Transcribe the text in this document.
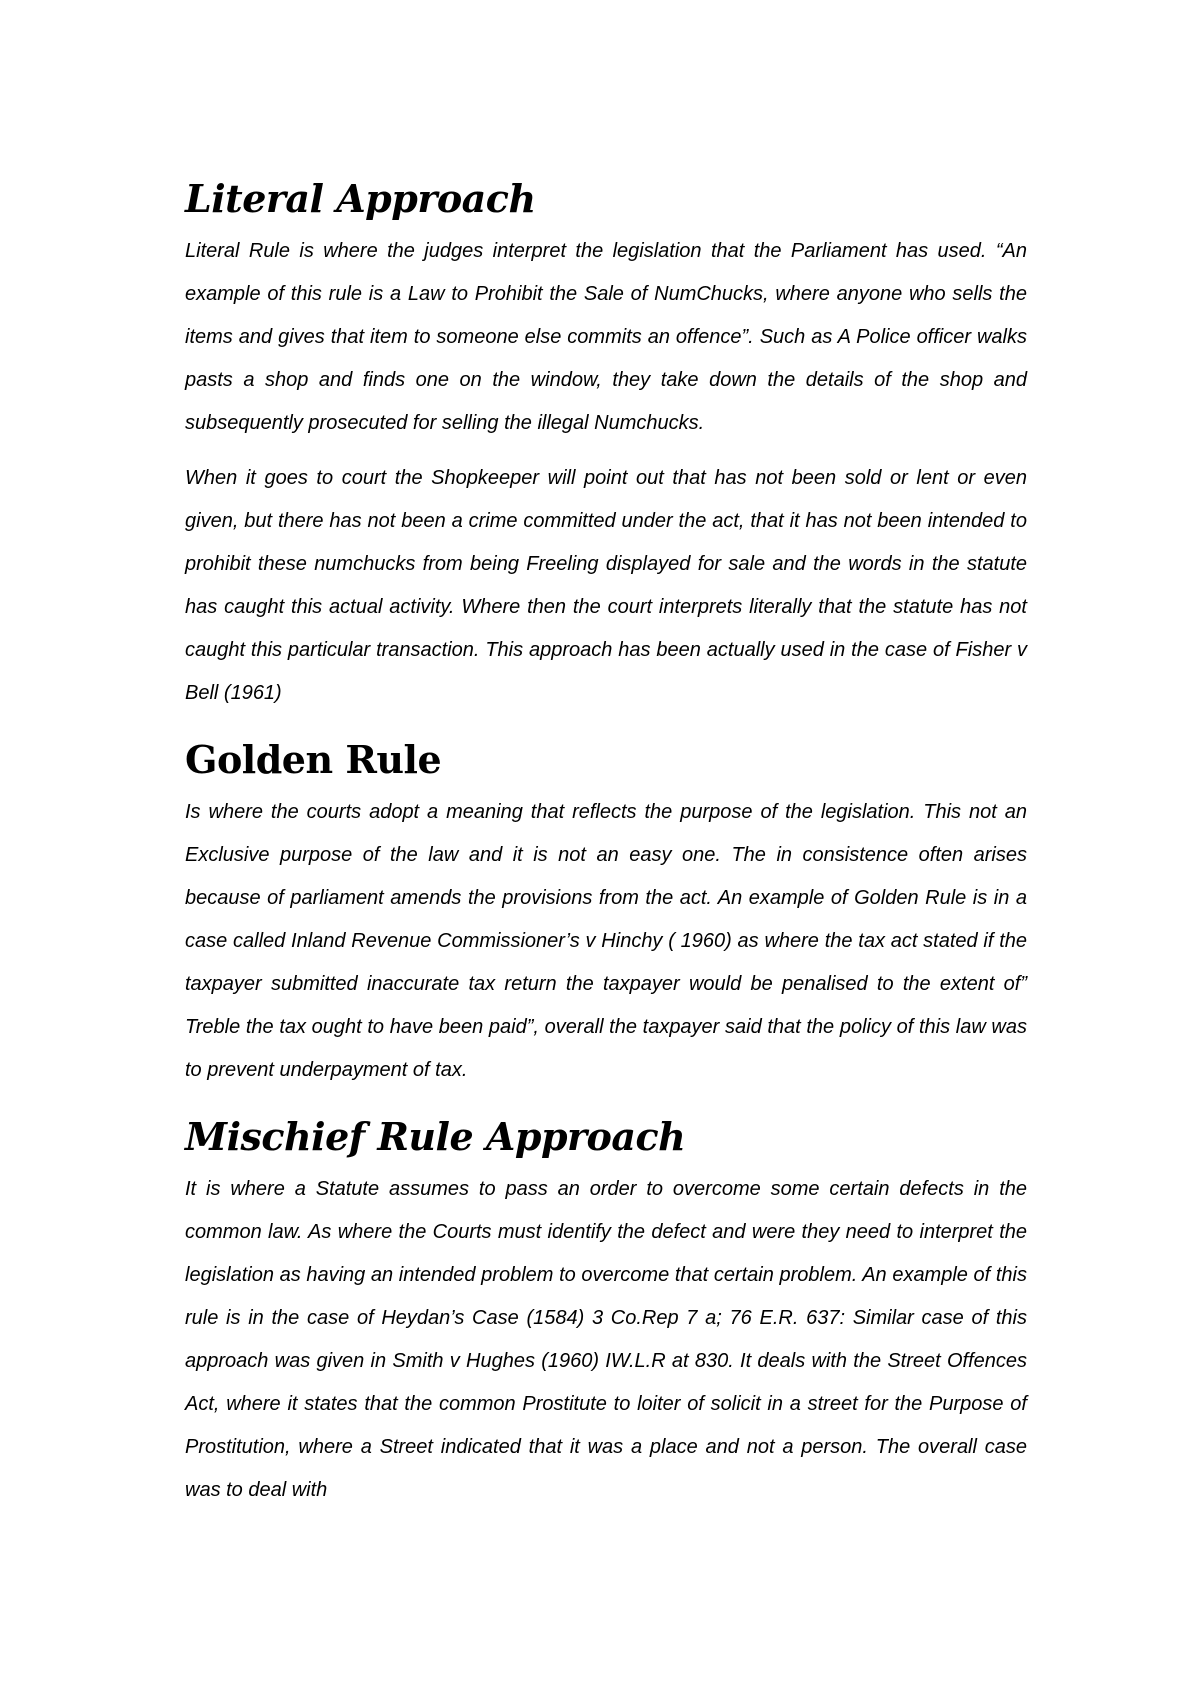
Literal Approach

Literal Rule is where the judges interpret the legislation that the Parliament has used. “An example of this rule is a Law to Prohibit the Sale of NumChucks, where anyone who sells the items and gives that item to someone else commits an offence”. Such as A Police officer walks pasts a shop and finds one on the window, they take down the details of the shop and subsequently prosecuted for selling the illegal Numchucks.

When it goes to court the Shopkeeper will point out that has not been sold or lent or even given, but there has not been a crime committed under the act, that it has not been intended to prohibit these numchucks from being Freeling displayed for sale and the words in the statute has caught this actual activity. Where then the court interprets literally that the statute has not caught this particular transaction. This approach has been actually used in the case of Fisher v Bell (1961)

Golden Rule

Is where the courts adopt a meaning that reflects the purpose of the legislation. This not an Exclusive purpose of the law and it is not an easy one. The in consistence often arises because of parliament amends the provisions from the act. An example of Golden Rule is in a case called Inland Revenue Commissioner’s v Hinchy ( 1960) as where the tax act stated if the taxpayer submitted inaccurate tax return the taxpayer would be penalised to the extent of” Treble the tax ought to have been paid”, overall the taxpayer said that the policy of this law was to prevent underpayment of tax.

Mischief Rule Approach

It is where a Statute assumes to pass an order to overcome some certain defects in the common law. As where the Courts must identify the defect and were they need to interpret the legislation as having an intended problem to overcome that certain problem. An example of this rule is in the case of Heydan’s Case (1584) 3 Co.Rep 7 a; 76 E.R. 637: Similar case of this approach was given in Smith v Hughes (1960) IW.L.R at 830. It deals with the Street Offences Act, where it states that the common Prostitute to loiter of solicit in a street for the Purpose of Prostitution, where a Street indicated that it was a place and not a person. The overall case was to deal with
